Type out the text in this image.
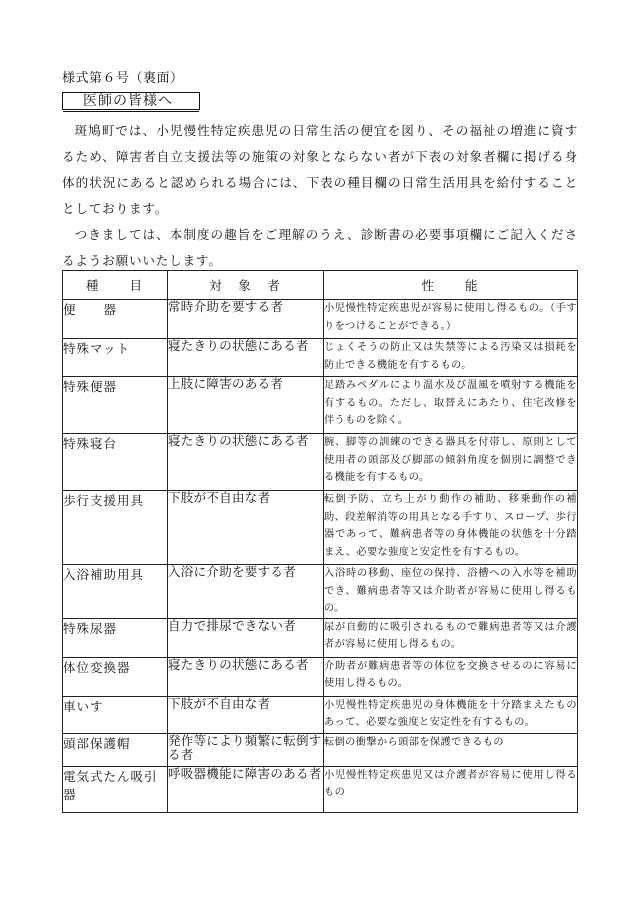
様式第６号（裏面）
医師の皆様へ

斑鳩町では、小児慢性特定疾患児の日常生活の便宜を図り、その福祉の増進に資するため、障害者自立支援法等の施策の対象とならない者が下表の対象者欄に掲げる身体的状況にあると認められる場合には、下表の種目欄の日常生活用具を給付することとしております。

つきましては、本制度の趣旨をご理解のうえ、診断書の必要事項欄にご記入くださるようお願いいたします。

種　　目	対　象　者	性　　能
便　　器	常時介助を要する者	小児慢性特定疾患児が容易に使用し得るもの。（手すりをつけることができる。）
特殊マット	寝たきりの状態にある者	じょくそうの防止又は失禁等による汚染又は損耗を防止できる機能を有するもの。
特殊便器	上肢に障害のある者	足踏みペダルにより温水及び温風を噴射する機能を有するもの。ただし、取替えにあたり、住宅改修を伴うものを除く。
特殊寝台	寝たきりの状態にある者	腕、脚等の訓練のできる器具を付帯し、原則として使用者の頭部及び脚部の傾斜角度を個別に調整できる機能を有するもの。
歩行支援用具	下肢が不自由な者	転倒予防、立ち上がり動作の補助、移乗動作の補助、段差解消等の用具となる手すり、スロープ、歩行器であって、難病患者等の身体機能の状態を十分踏まえ、必要な強度と安定性を有するもの。
入浴補助用具	入浴に介助を要する者	入浴時の移動、座位の保持、浴槽への入水等を補助でき、難病患者等又は介助者が容易に使用し得るもの。
特殊尿器	自力で排尿できない者	尿が自動的に吸引されるもので難病患者等又は介護者が容易に使用し得るもの。
体位変換器	寝たきりの状態にある者	介助者が難病患者等の体位を交換させるのに容易に使用し得るもの。
車いす	下肢が不自由な者	小児慢性特定疾患児の身体機能を十分踏まえたものあって、必要な強度と安定性を有するもの。
頭部保護帽	発作等により頻繁に転倒する者	転倒の衝撃から頭部を保護できるもの
電気式たん吸引器	呼吸器機能に障害のある者	小児慢性特定疾患児又は介護者が容易に使用し得るもの
